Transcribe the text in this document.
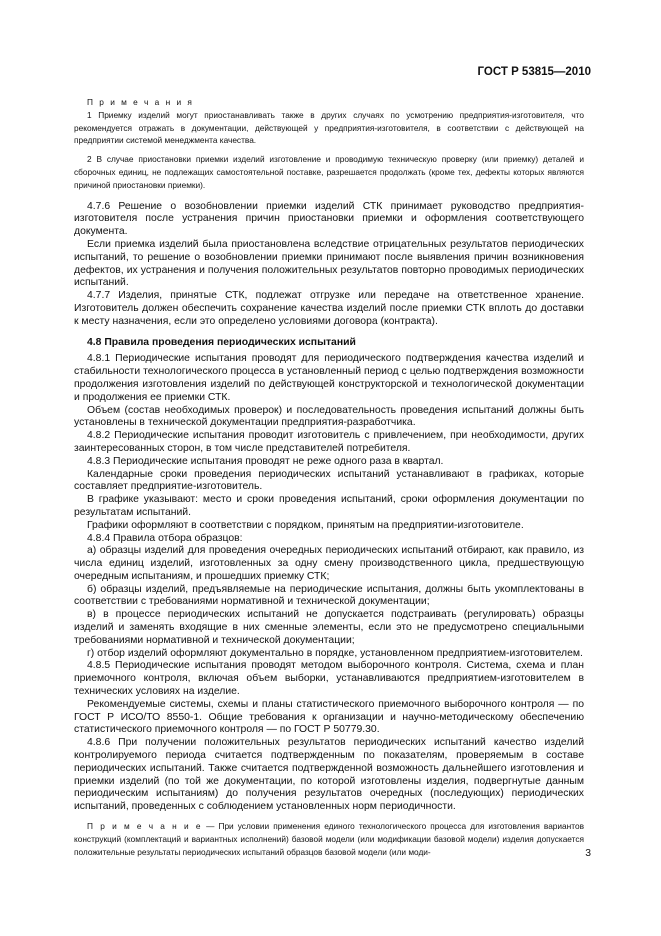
ГОСТ Р 53815—2010

П р и м е ч а н и я

1 Приемку изделий могут приостанавливать также в других случаях по усмотрению предприятия-изготовителя, что рекомендуется отражать в документации, действующей у предприятия-изготовителя, в соответствии с действующей на предприятии системой менеджмента качества.

2 В случае приостановки приемки изделий изготовление и проводимую техническую проверку (или приемку) деталей и сборочных единиц, не подлежащих самостоятельной поставке, разрешается продолжать (кроме тех, дефекты которых являются причиной приостановки приемки).

4.7.6 Решение о возобновлении приемки изделий СТК принимает руководство предприятия-изготовителя после устранения причин приостановки приемки и оформления соответствующего документа.

Если приемка изделий была приостановлена вследствие отрицательных результатов периодических испытаний, то решение о возобновлении приемки принимают после выявления причин возникновения дефектов, их устранения и получения положительных результатов повторно проводимых периодических испытаний.

4.7.7 Изделия, принятые СТК, подлежат отгрузке или передаче на ответственное хранение. Изготовитель должен обеспечить сохранение качества изделий после приемки СТК вплоть до доставки к месту назначения, если это определено условиями договора (контракта).

4.8 Правила проведения периодических испытаний

4.8.1 Периодические испытания проводят для периодического подтверждения качества изделий и стабильности технологического процесса в установленный период с целью подтверждения возможности продолжения изготовления изделий по действующей конструкторской и технологической документации и продолжения ее приемки СТК.

Объем (состав необходимых проверок) и последовательность проведения испытаний должны быть установлены в технической документации предприятия-разработчика.

4.8.2 Периодические испытания проводит изготовитель с привлечением, при необходимости, других заинтересованных сторон, в том числе представителей потребителя.

4.8.3 Периодические испытания проводят не реже одного раза в квартал.

Календарные сроки проведения периодических испытаний устанавливают в графиках, которые составляет предприятие-изготовитель.

В графике указывают: место и сроки проведения испытаний, сроки оформления документации по результатам испытаний.

Графики оформляют в соответствии с порядком, принятым на предприятии-изготовителе.

4.8.4 Правила отбора образцов:

а) образцы изделий для проведения очередных периодических испытаний отбирают, как правило, из числа единиц изделий, изготовленных за одну смену производственного цикла, предшествующую очередным испытаниям, и прошедших приемку СТК;

б) образцы изделий, предъявляемые на периодические испытания, должны быть укомплектованы в соответствии с требованиями нормативной и технической документации;

в) в процессе периодических испытаний не допускается подстраивать (регулировать) образцы изделий и заменять входящие в них сменные элементы, если это не предусмотрено специальными требованиями нормативной и технической документации;

г) отбор изделий оформляют документально в порядке, установленном предприятием-изготовителем.

4.8.5 Периодические испытания проводят методом выборочного контроля. Система, схема и план приемочного контроля, включая объем выборки, устанавливаются предприятием-изготовителем в технических условиях на изделие.

Рекомендуемые системы, схемы и планы статистического приемочного выборочного контроля — по ГОСТ Р ИСО/ТО 8550-1. Общие требования к организации и научно-методическому обеспечению статистического приемочного контроля — по ГОСТ Р 50779.30.

4.8.6 При получении положительных результатов периодических испытаний качество изделий контролируемого периода считается подтвержденным по показателям, проверяемым в составе периодических испытаний. Также считается подтвержденной возможность дальнейшего изготовления и приемки изделий (по той же документации, по которой изготовлены изделия, подвергнутые данным периодическим испытаниям) до получения результатов очередных (последующих) периодических испытаний, проведенных с соблюдением установленных норм периодичности.

П р и м е ч а н и е — При условии применения единого технологического процесса для изготовления вариантов конструкций (комплектаций и вариантных исполнений) базовой модели (или модификации базовой модели) изделия допускается положительные результаты периодических испытаний образцов базовой модели (или моди-	3
